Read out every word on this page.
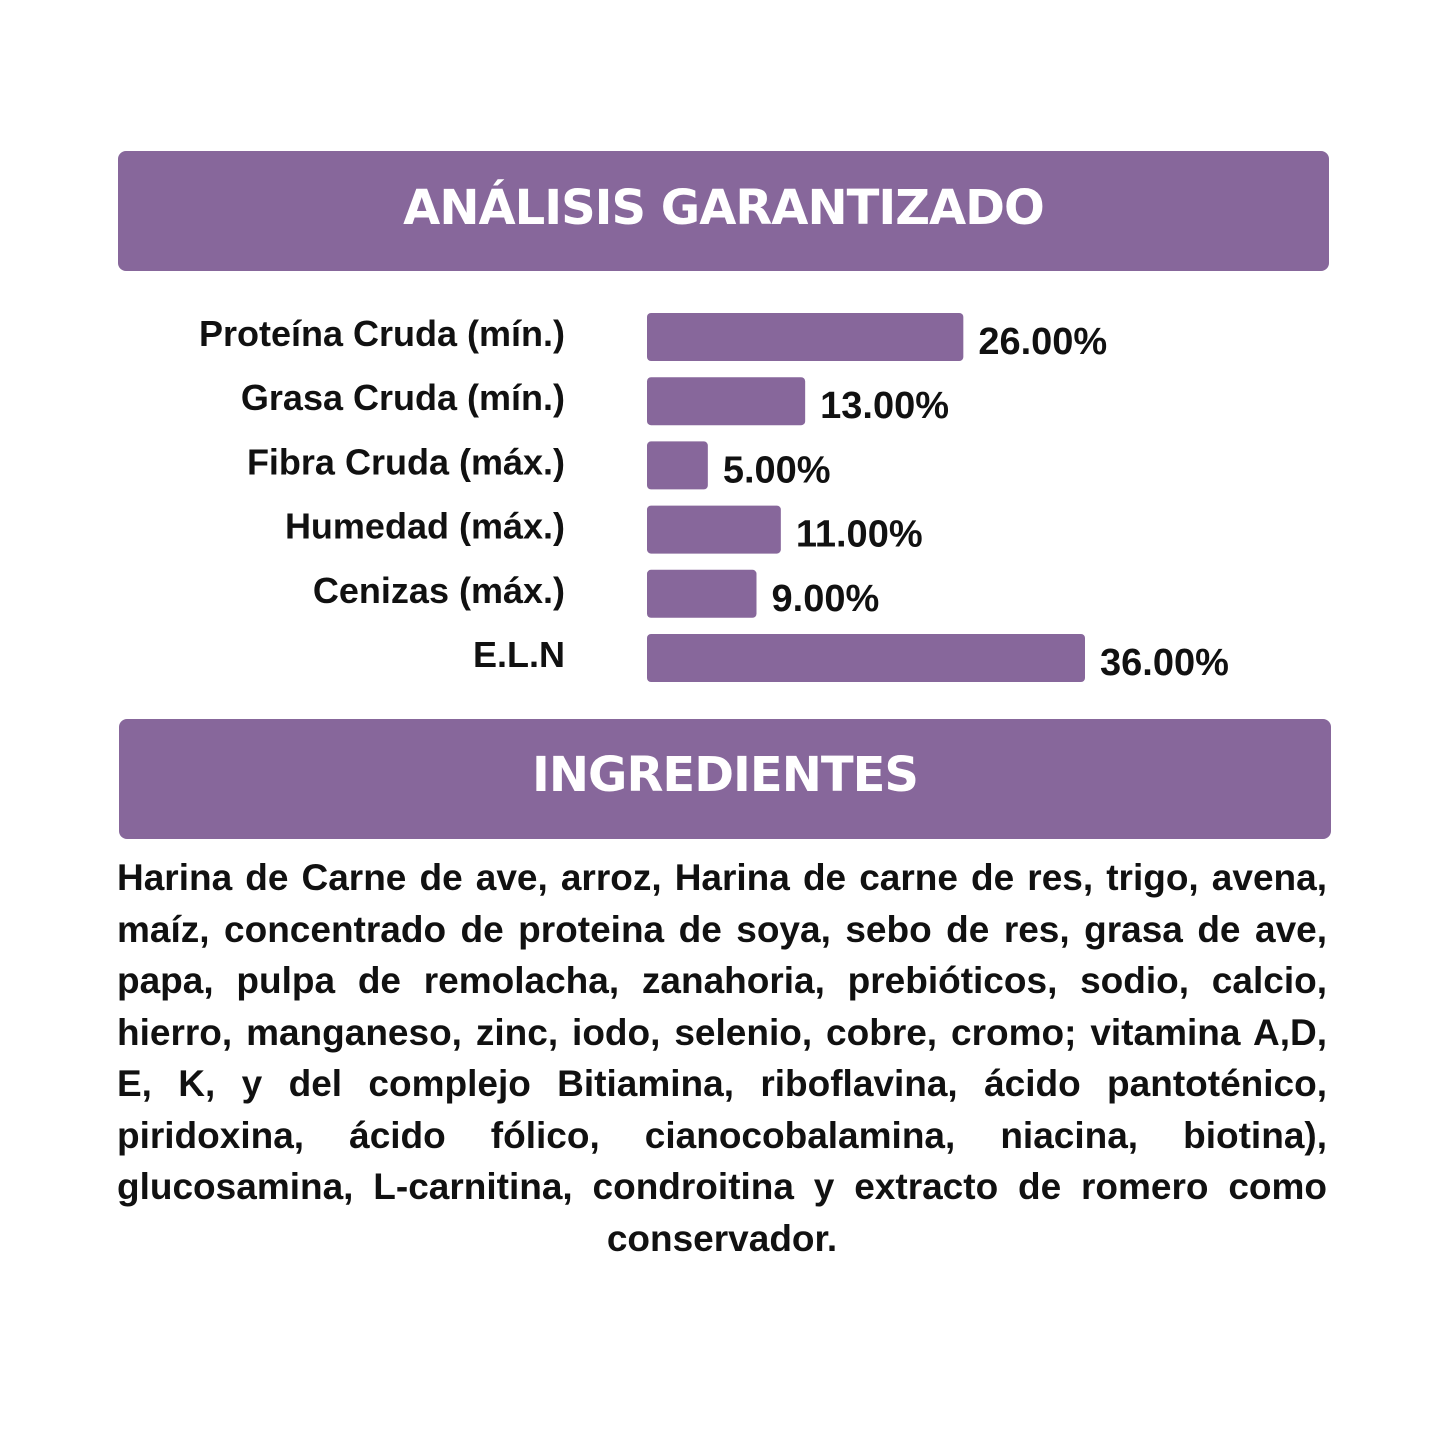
ANÁLISIS GARANTIZADO
Proteína Cruda (mín.)	26.00%
Grasa Cruda (mín.)	13.00%
Fibra Cruda (máx.)	5.00%
Humedad (máx.)	11.00%
Cenizas (máx.)	9.00%
E.L.N	36.00%
INGREDIENTES

Harina de Carne de ave, arroz, Harina de carne de res, trigo, avena, maíz, concentrado de proteina de soya, sebo de res, grasa de ave, papa, pulpa de remolacha, zanahoria, prebióticos, sodio, calcio, hierro, manganeso, zinc, iodo, selenio, cobre, cromo; vitamina A,D, E, K, y del complejo Bitiamina, riboflavina, ácido pantoténico, piridoxina, ácido fólico, cianocobalamina, niacina, biotina), glucosamina, L-carnitina, condroitina y extracto de romero como conservador.
